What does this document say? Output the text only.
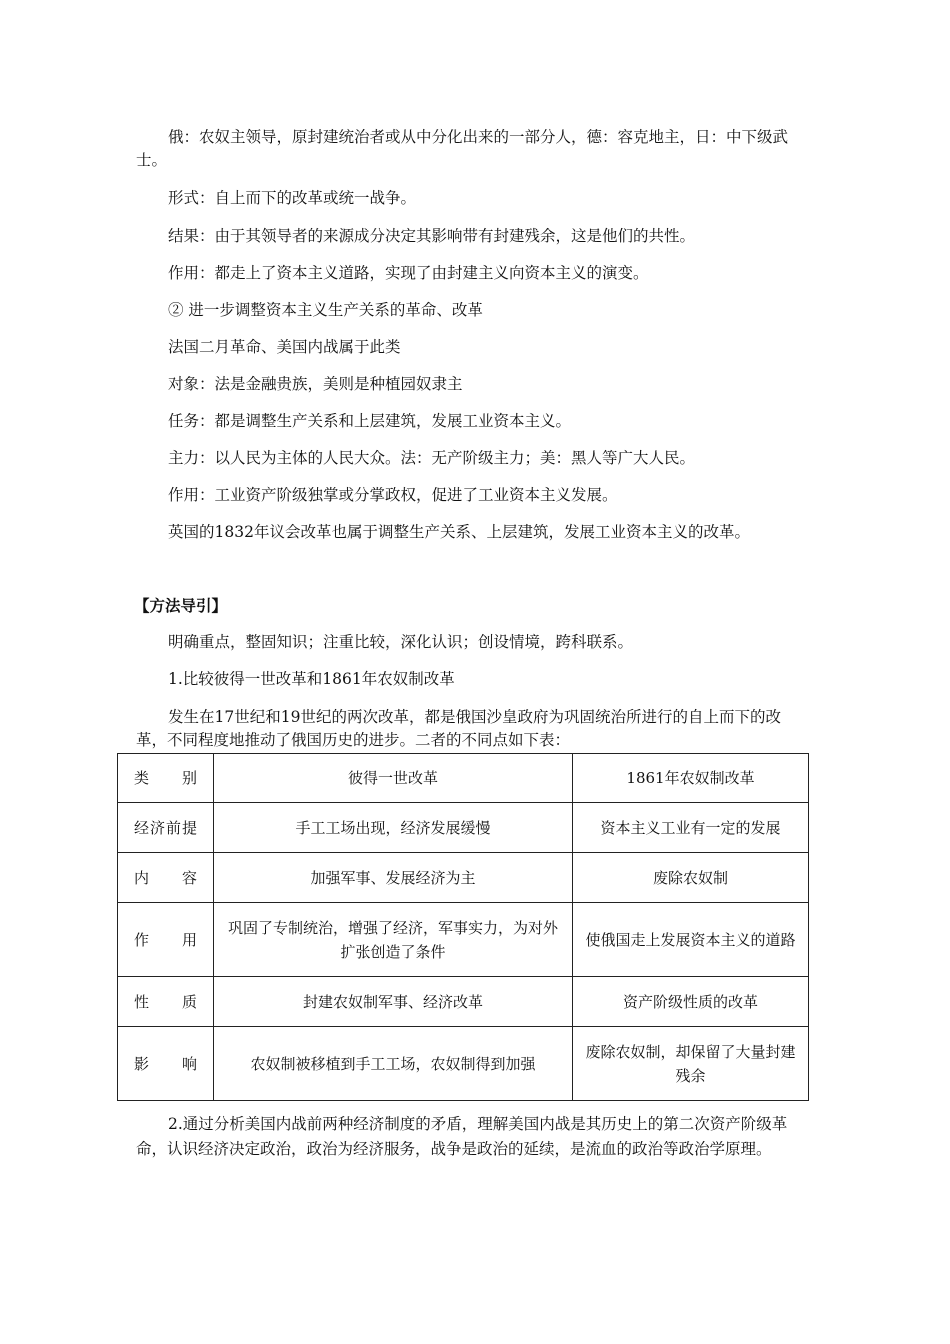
俄：农奴主领导，原封建统治者或从中分化出来的一部分人，德：容克地主，日：中下级武士。

形式：自上而下的改革或统一战争。

结果：由于其领导者的来源成分决定其影响带有封建残余，这是他们的共性。

作用：都走上了资本主义道路，实现了由封建主义向资本主义的演变。

② 进一步调整资本主义生产关系的革命、改革

法国二月革命、美国内战属于此类

对象：法是金融贵族，美则是种植园奴隶主

任务：都是调整生产关系和上层建筑，发展工业资本主义。

主力：以人民为主体的人民大众。法：无产阶级主力；美：黑人等广大人民。

作用：工业资产阶级独掌或分掌政权，促进了工业资本主义发展。

英国的1832年议会改革也属于调整生产关系、上层建筑，发展工业资本主义的改革。

【方法导引】

明确重点，整固知识；注重比较，深化认识；创设情境，跨科联系。

1.比较彼得一世改革和1861年农奴制改革

发生在17世纪和19世纪的两次改革，都是俄国沙皇政府为巩固统治所进行的自上而下的改革，不同程度地推动了俄国历史的进步。二者的不同点如下表：

类别	彼得一世改革	1861年农奴制改革
经济前提	手工工场出现，经济发展缓慢	资本主义工业有一定的发展
内容	加强军事、发展经济为主	废除农奴制
作用	巩固了专制统治，增强了经济，军事实力，为对外扩张创造了条件	使俄国走上发展资本主义的道路
性质	封建农奴制军事、经济改革	资产阶级性质的改革
影响	农奴制被移植到手工工场，农奴制得到加强	废除农奴制，却保留了大量封建残余

2.通过分析美国内战前两种经济制度的矛盾，理解美国内战是其历史上的第二次资产阶级革命，认识经济决定政治，政治为经济服务，战争是政治的延续，是流血的政治等政治学原理。
